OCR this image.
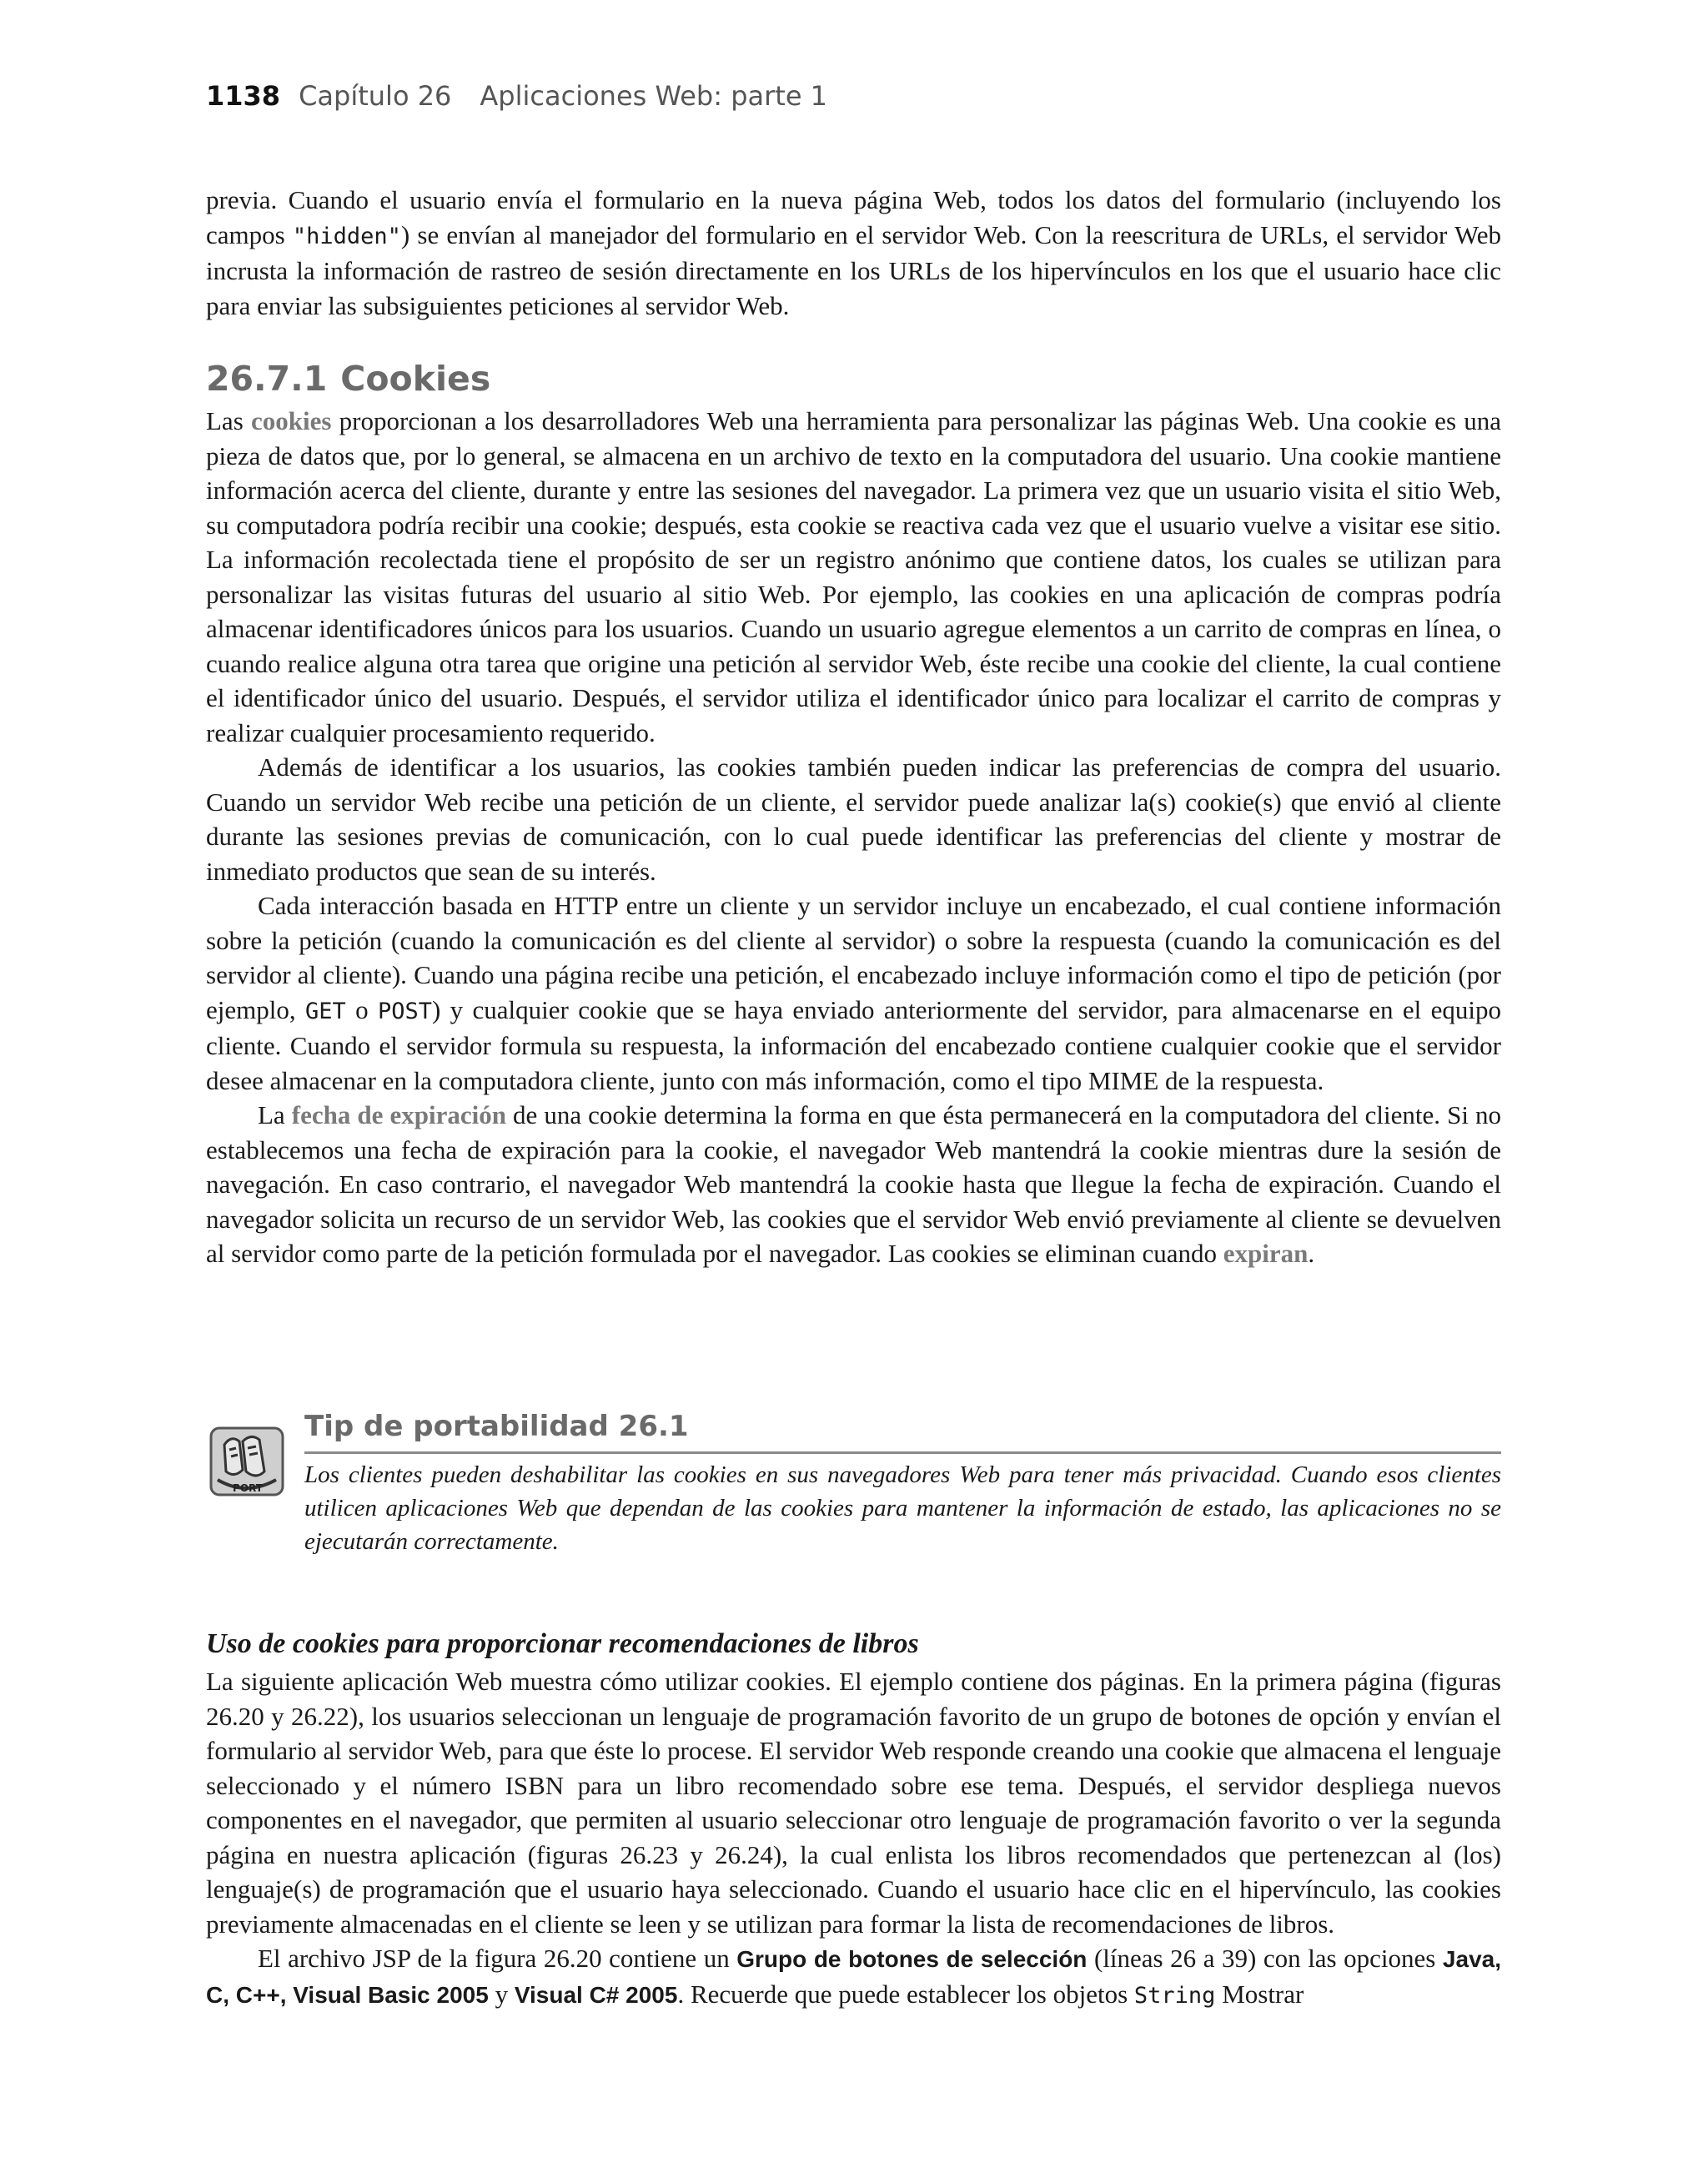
1138 Capítulo 26 Aplicaciones Web: parte 1

previa. Cuando el usuario envía el formulario en la nueva página Web, todos los datos del formulario (incluyendo los campos "hidden") se envían al manejador del formulario en el servidor Web. Con la reescritura de URLs, el servidor Web incrusta la información de rastreo de sesión directamente en los URLs de los hipervínculos en los que el usuario hace clic para enviar las subsiguientes peticiones al servidor Web.

26.7.1 Cookies

Las cookies proporcionan a los desarrolladores Web una herramienta para personalizar las páginas Web. Una cookie es una pieza de datos que, por lo general, se almacena en un archivo de texto en la computadora del usuario. Una cookie mantiene información acerca del cliente, durante y entre las sesiones del navegador. La primera vez que un usuario visita el sitio Web, su computadora podría recibir una cookie; después, esta cookie se reactiva cada vez que el usuario vuelve a visitar ese sitio. La información recolectada tiene el propósito de ser un registro anónimo que contiene datos, los cuales se utilizan para personalizar las visitas futuras del usuario al sitio Web. Por ejemplo, las cookies en una aplicación de compras podría almacenar identificadores únicos para los usuarios. Cuando un usuario agregue elementos a un carrito de compras en línea, o cuando realice alguna otra tarea que origine una petición al servidor Web, éste recibe una cookie del cliente, la cual contiene el identificador único del usuario. Después, el servidor utiliza el identificador único para localizar el carrito de compras y realizar cualquier procesamiento requerido.

Además de identificar a los usuarios, las cookies también pueden indicar las preferencias de compra del usuario. Cuando un servidor Web recibe una petición de un cliente, el servidor puede analizar la(s) cookie(s) que envió al cliente durante las sesiones previas de comunicación, con lo cual puede identificar las preferencias del cliente y mostrar de inmediato productos que sean de su interés.

Cada interacción basada en HTTP entre un cliente y un servidor incluye un encabezado, el cual contiene información sobre la petición (cuando la comunicación es del cliente al servidor) o sobre la respuesta (cuando la comunicación es del servidor al cliente). Cuando una página recibe una petición, el encabezado incluye información como el tipo de petición (por ejemplo, GET o POST) y cualquier cookie que se haya enviado anteriormente del servidor, para almacenarse en el equipo cliente. Cuando el servidor formula su respuesta, la información del encabezado contiene cualquier cookie que el servidor desee almacenar en la computadora cliente, junto con más información, como el tipo MIME de la respuesta.

La fecha de expiración de una cookie determina la forma en que ésta permanecerá en la computadora del cliente. Si no establecemos una fecha de expiración para la cookie, el navegador Web mantendrá la cookie mientras dure la sesión de navegación. En caso contrario, el navegador Web mantendrá la cookie hasta que llegue la fecha de expiración. Cuando el navegador solicita un recurso de un servidor Web, las cookies que el servidor Web envió previamente al cliente se devuelven al servidor como parte de la petición formulada por el navegador. Las cookies se eliminan cuando expiran.

PORT
Tip de portabilidad 26.1
Los clientes pueden deshabilitar las cookies en sus navegadores Web para tener más privacidad. Cuando esos clientes utilicen aplicaciones Web que dependan de las cookies para mantener la información de estado, las aplicaciones no se ejecutarán correctamente.
Uso de cookies para proporcionar recomendaciones de libros

La siguiente aplicación Web muestra cómo utilizar cookies. El ejemplo contiene dos páginas. En la primera página (figuras 26.20 y 26.22), los usuarios seleccionan un lenguaje de programación favorito de un grupo de botones de opción y envían el formulario al servidor Web, para que éste lo procese. El servidor Web responde creando una cookie que almacena el lenguaje seleccionado y el número ISBN para un libro recomendado sobre ese tema. Después, el servidor despliega nuevos componentes en el navegador, que permiten al usuario seleccionar otro lenguaje de programación favorito o ver la segunda página en nuestra aplicación (figuras 26.23 y 26.24), la cual enlista los libros recomendados que pertenezcan al (los) lenguaje(s) de programación que el usuario haya seleccionado. Cuando el usuario hace clic en el hipervínculo, las cookies previamente almacenadas en el cliente se leen y se utilizan para formar la lista de recomendaciones de libros.

El archivo JSP de la figura 26.20 contiene un Grupo de botones de selección (líneas 26 a 39) con las opciones Java, C, C++, Visual Basic 2005 y Visual C# 2005. Recuerde que puede establecer los objetos String Mostrar
